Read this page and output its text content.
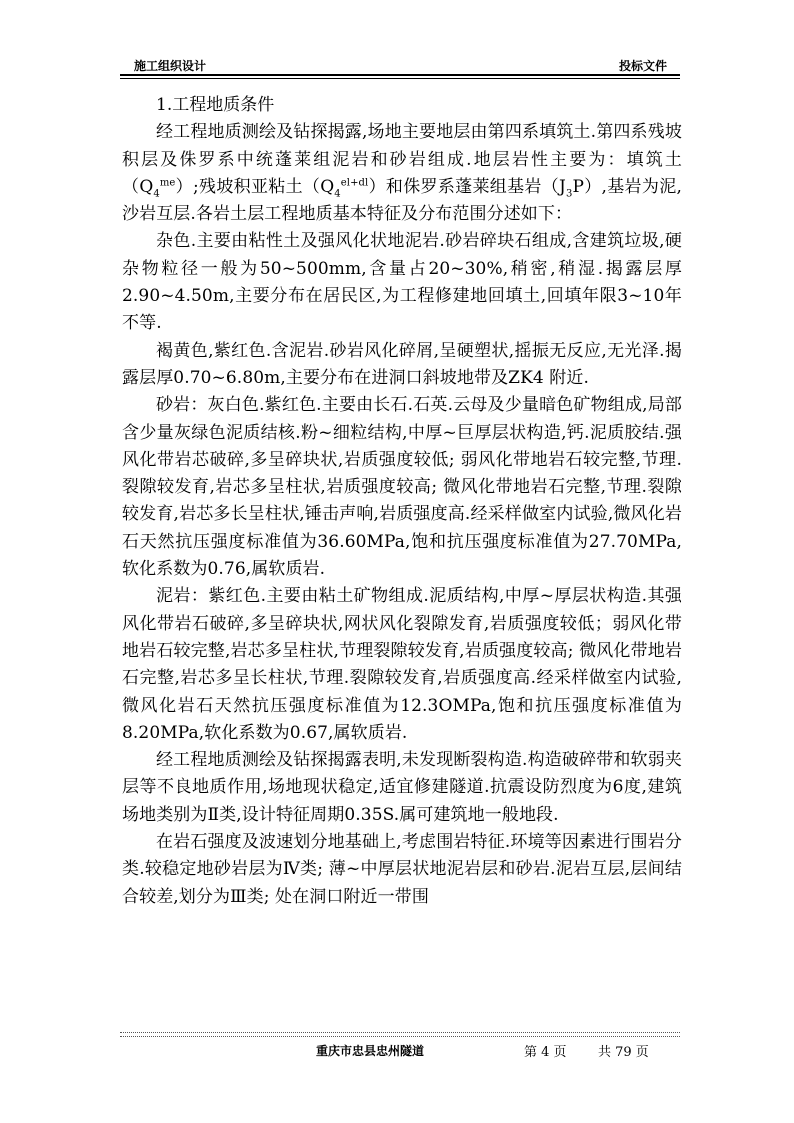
施工组织设计	投标文件

1.工程地质条件

经工程地质测绘及钻探揭露,场地主要地层由第四系填筑土.第四系残坡积层及侏罗系中统蓬莱组泥岩和砂岩组成.地层岩性主要为：填筑土$(Q_4^{me})$;残坡积亚粘土$(Q_4^{el+dl})$和侏罗系蓬莱组基岩$(J_3P)$,基岩为泥,沙岩互层.各岩土层工程地质基本特征及分布范围分述如下：

杂色.主要由粘性土及强风化状地泥岩.砂岩碎块石组成,含建筑垃圾,硬杂物粒径一般为50~500mm,含量占20~30%,稍密,稍湿.揭露层厚2.90~4.50m,主要分布在居民区,为工程修建地回填土,回填年限3~10年不等.

褐黄色,紫红色.含泥岩.砂岩风化碎屑,呈硬塑状,摇振无反应,无光泽.揭露层厚0.70~6.80m,主要分布在进洞口斜坡地带及ZK4 附近.

砂岩：灰白色.紫红色.主要由长石.石英.云母及少量暗色矿物组成,局部含少量灰绿色泥质结核.粉~细粒结构,中厚~巨厚层状构造,钙.泥质胶结.强风化带岩芯破碎,多呈碎块状,岩质强度较低; 弱风化带地岩石较完整,节理.裂隙较发育,岩芯多呈柱状,岩质强度较高; 微风化带地岩石完整,节理.裂隙较发育,岩芯多长呈柱状,锤击声响,岩质强度高.经采样做室内试验,微风化岩石天然抗压强度标准值为36.60MPa,饱和抗压强度标准值为27.70MPa,软化系数为0.76,属软质岩.

泥岩：紫红色.主要由粘土矿物组成.泥质结构,中厚~厚层状构造.其强风化带岩石破碎,多呈碎块状,网状风化裂隙发育,岩质强度较低；弱风化带地岩石较完整,岩芯多呈柱状,节理裂隙较发育,岩质强度较高; 微风化带地岩石完整,岩芯多呈长柱状,节理.裂隙较发育,岩质强度高.经采样做室内试验,微风化岩石天然抗压强度标准值为12.3OMPa,饱和抗压强度标准值为8.20MPa,软化系数为0.67,属软质岩.

经工程地质测绘及钻探揭露表明,未发现断裂构造.构造破碎带和软弱夹层等不良地质作用,场地现状稳定,适宜修建隧道.抗震设防烈度为6度,建筑场地类别为Ⅱ类,设计特征周期0.35S.属可建筑地一般地段.

在岩石强度及波速划分地基础上,考虑围岩特征.环境等因素进行围岩分类.较稳定地砂岩层为Ⅳ类; 薄~中厚层状地泥岩层和砂岩.泥岩互层,层间结合较差,划分为Ⅲ类; 处在洞口附近一带围

重庆市忠县忠州隧道	第 4 页 共 79 页
